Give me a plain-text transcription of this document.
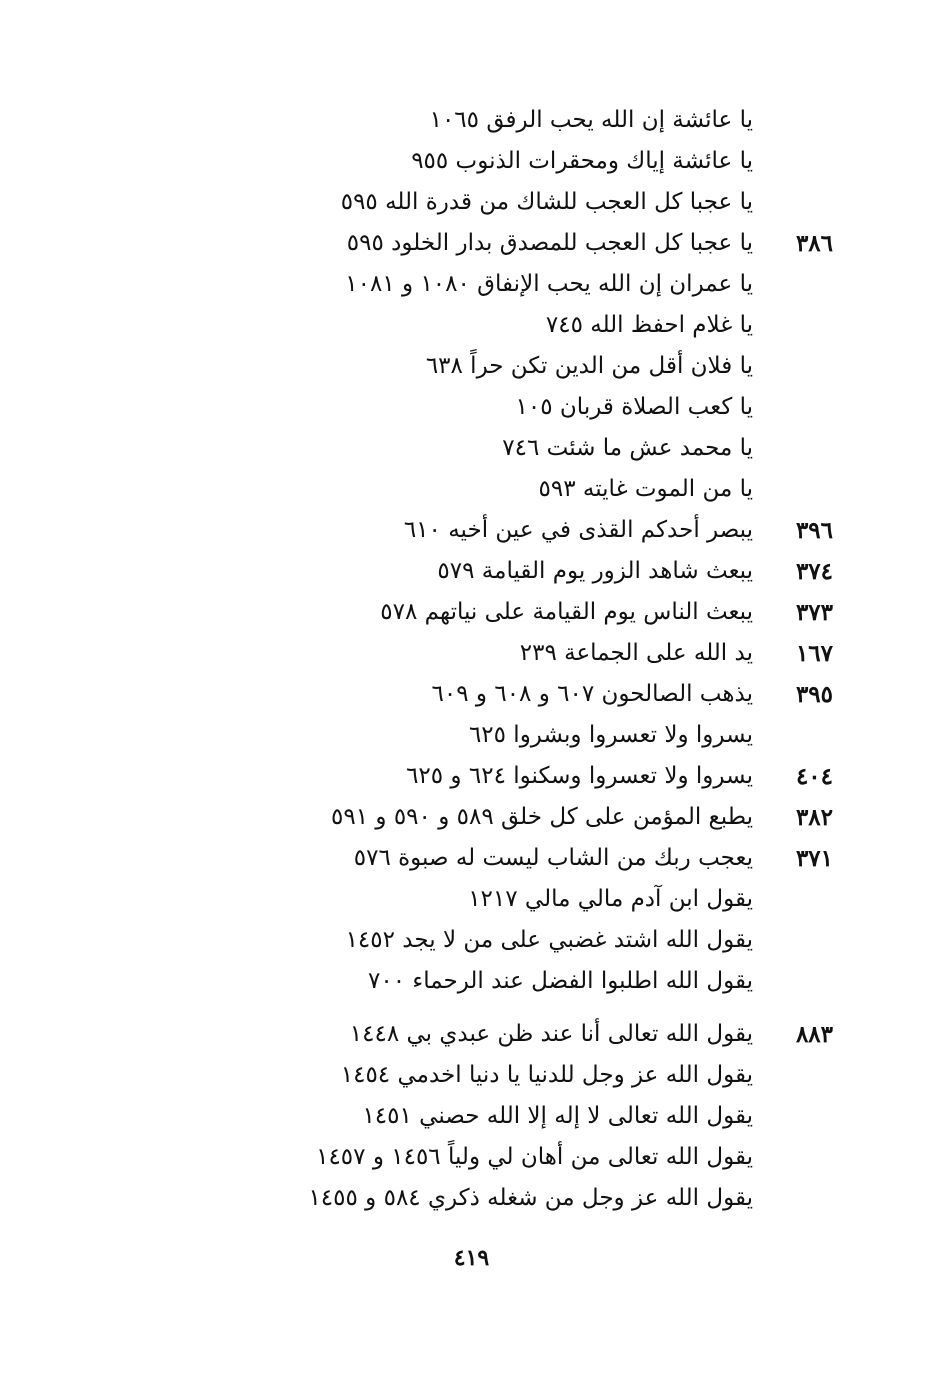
يا عائشة إن الله يحب الرفق ١٠٦٥
يا عائشة إياك ومحقرات الذنوب ٩٥٥
يا عجبا كل العجب للشاك من قدرة الله ٥٩٥
٣٨٦
يا عجبا كل العجب للمصدق بدار الخلود ٥٩٥
يا عمران إن الله يحب الإنفاق ١٠٨٠ و ١٠٨١
يا غلام احفظ الله ٧٤٥
يا فلان أقل من الدين تكن حراً ٦٣٨
يا كعب الصلاة قربان ١٠٥
يا محمد عش ما شئت ٧٤٦
يا من الموت غايته ٥٩٣
٣٩٦
يبصر أحدكم القذى في عين أخيه ٦١٠
٣٧٤
يبعث شاهد الزور يوم القيامة ٥٧٩
٣٧٣
يبعث الناس يوم القيامة على نياتهم ٥٧٨
١٦٧
يد الله على الجماعة ٢٣٩
٣٩٥
يذهب الصالحون ٦٠٧ و ٦٠٨ و ٦٠٩
يسروا ولا تعسروا وبشروا ٦٢٥
٤٠٤
يسروا ولا تعسروا وسكنوا ٦٢٤ و ٦٢٥
٣٨٢
يطبع المؤمن على كل خلق ٥٨٩ و ٥٩٠ و ٥٩١
٣٧١
يعجب ربك من الشاب ليست له صبوة ٥٧٦
يقول ابن آدم مالي مالي ١٢١٧
يقول الله اشتد غضبي على من لا يجد ١٤٥٢
يقول الله اطلبوا الفضل عند الرحماء ٧٠٠
٨٨٣
يقول الله تعالى أنا عند ظن عبدي بي ١٤٤٨
يقول الله عز وجل للدنيا يا دنيا اخدمي ١٤٥٤
يقول الله تعالى لا إله إلا الله حصني ١٤٥١
يقول الله تعالى من أهان لي ولياً ١٤٥٦ و ١٤٥٧
يقول الله عز وجل من شغله ذكري ٥٨٤ و ١٤٥٥
٤١٩
